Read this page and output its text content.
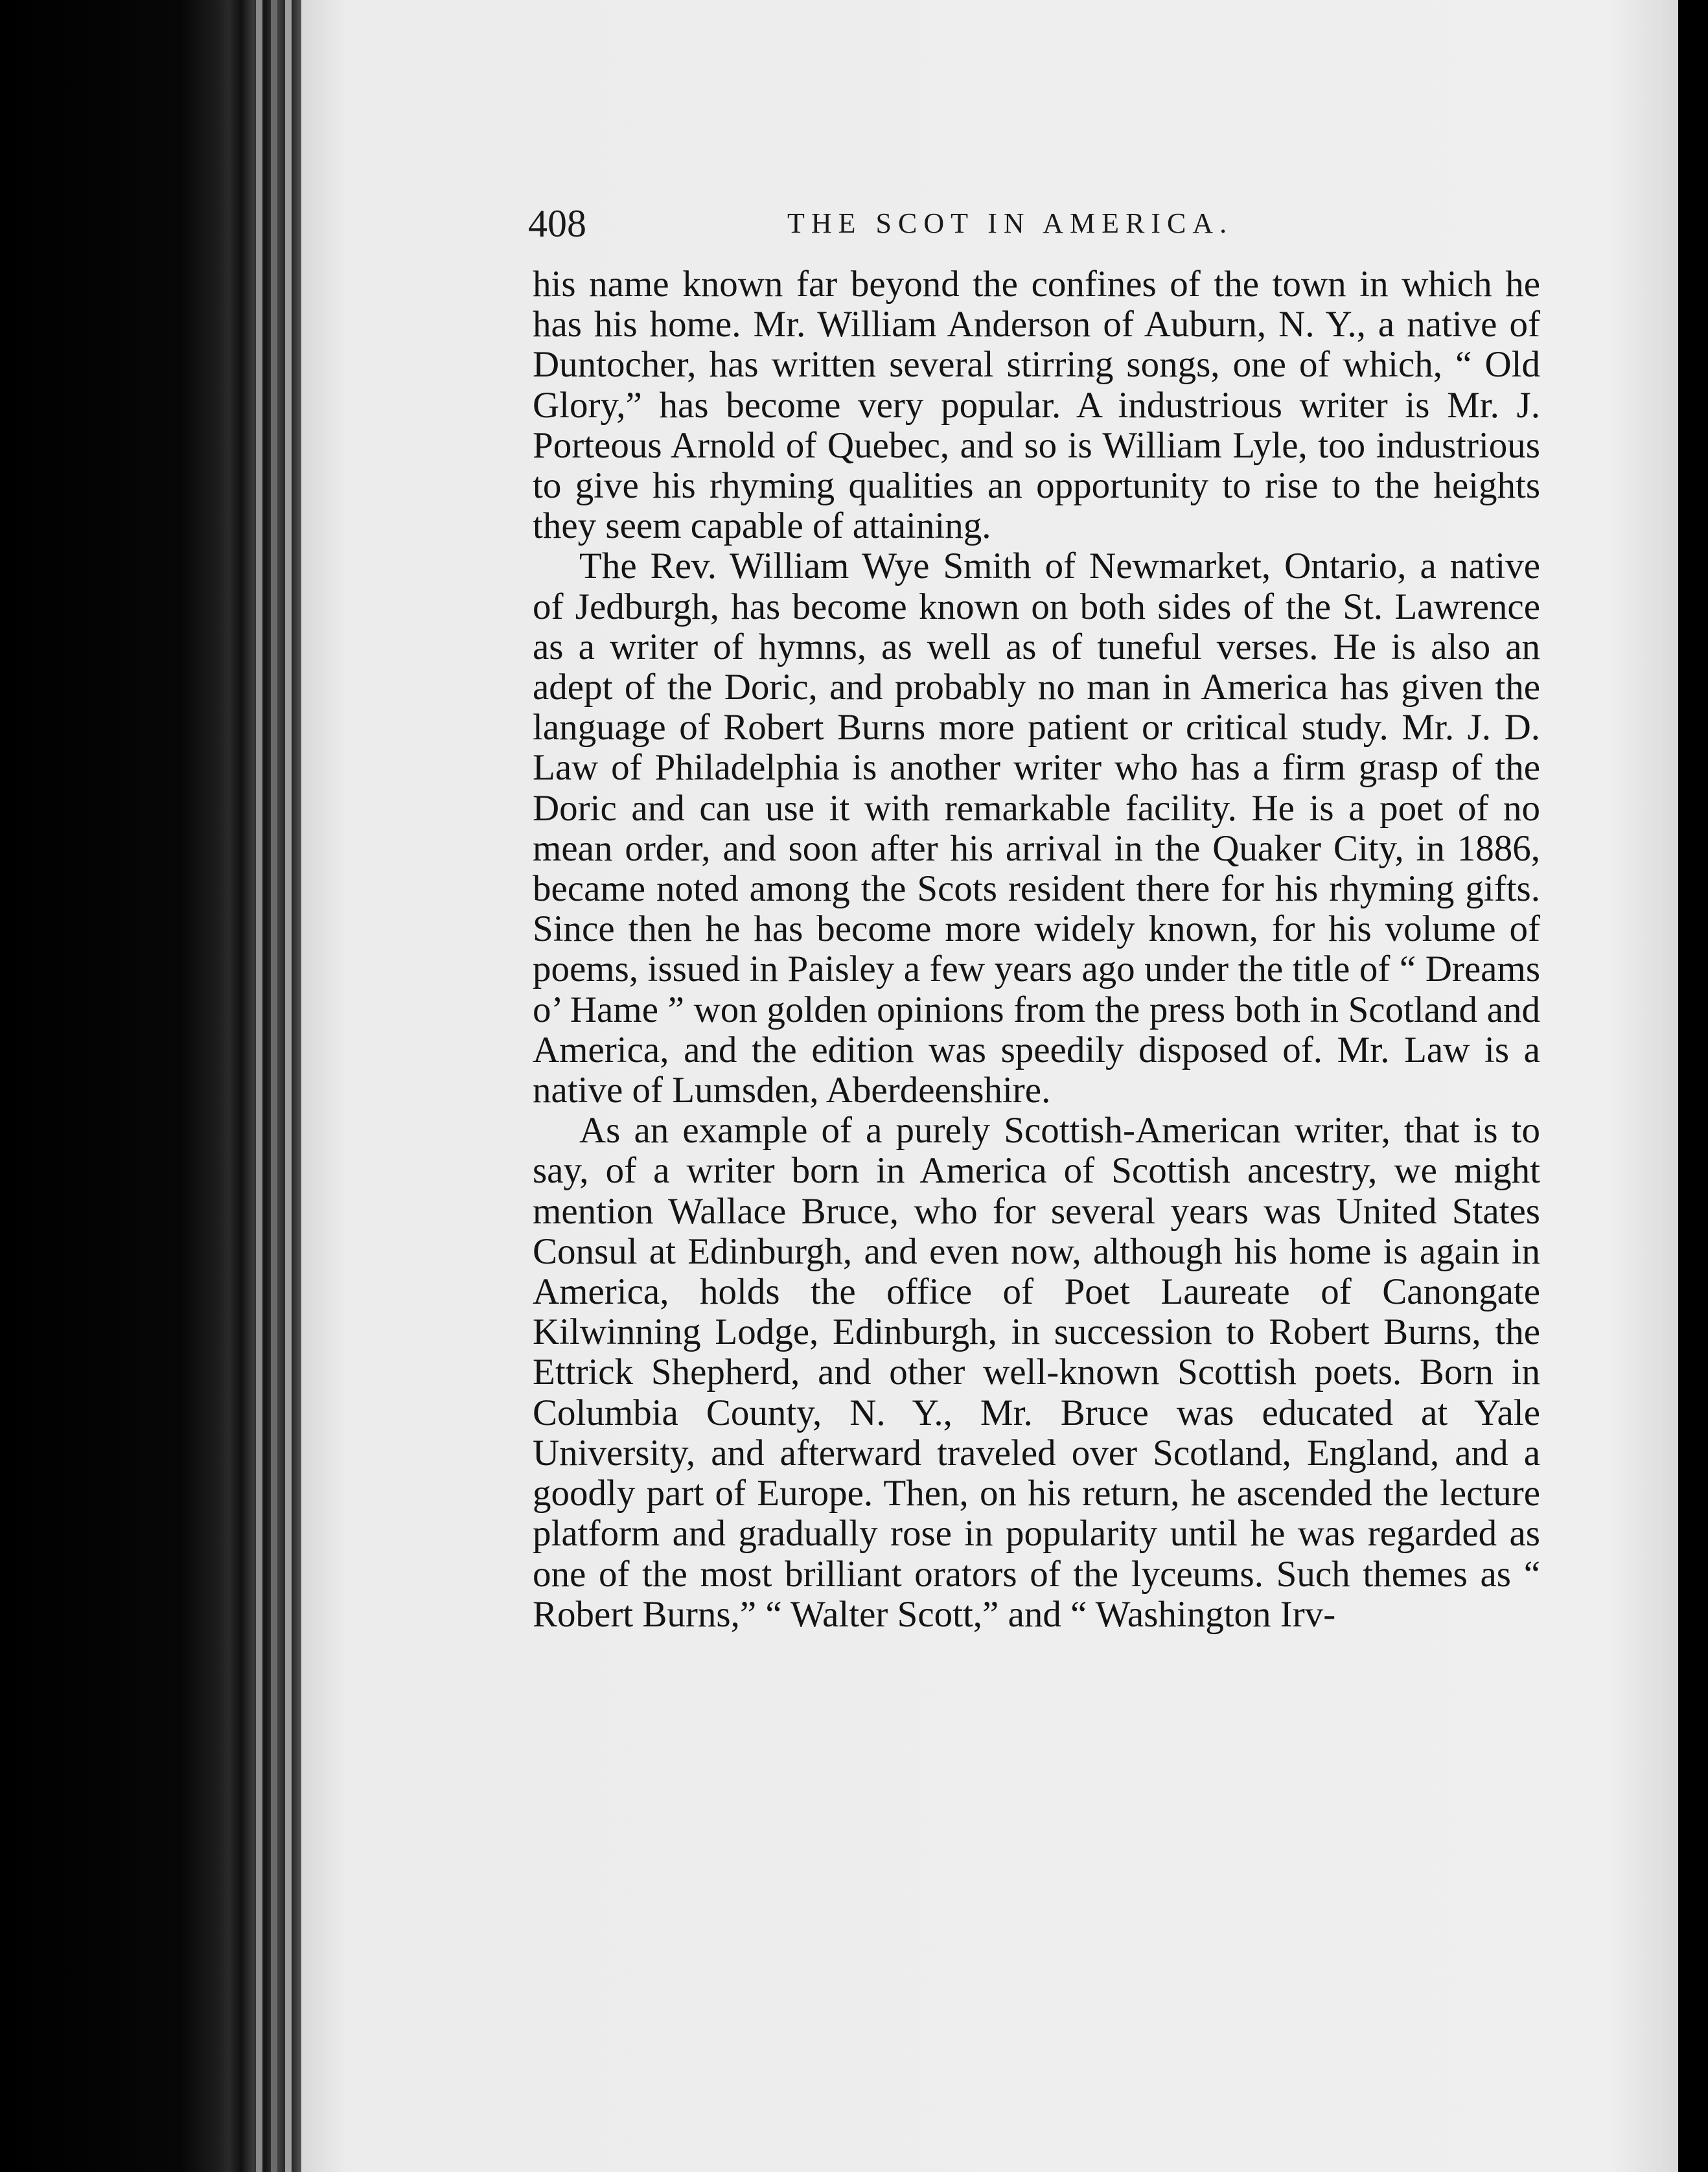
408	THE SCOT IN AMERICA.

his name known far beyond the confines of the town in which he has his home. Mr. William Anderson of Auburn, N. Y., a native of Duntocher, has written several stirring songs, one of which, “ Old Glory,” has become very popular. A industrious writer is Mr. J. Porteous Arnold of Quebec, and so is William Lyle, too industrious to give his rhyming qualities an opportunity to rise to the heights they seem capable of attaining.

The Rev. William Wye Smith of Newmarket, Ontario, a native of Jedburgh, has become known on both sides of the St. Lawrence as a writer of hymns, as well as of tuneful verses. He is also an adept of the Doric, and probably no man in America has given the language of Robert Burns more patient or critical study. Mr. J. D. Law of Philadelphia is another writer who has a firm grasp of the Doric and can use it with remarkable facility. He is a poet of no mean order, and soon after his arrival in the Quaker City, in 1886, became noted among the Scots resident there for his rhyming gifts. Since then he has become more widely known, for his volume of poems, issued in Paisley a few years ago under the title of “ Dreams o’ Hame ” won golden opinions from the press both in Scotland and America, and the edition was speedily disposed of. Mr. Law is a native of Lumsden, Aberdeenshire.

As an example of a purely Scottish-American writer, that is to say, of a writer born in America of Scottish ancestry, we might mention Wallace Bruce, who for several years was United States Consul at Edinburgh, and even now, although his home is again in America, holds the office of Poet Laureate of Canongate Kilwinning Lodge, Edinburgh, in succession to Robert Burns, the Ettrick Shepherd, and other well-known Scottish poets. Born in Columbia County, N. Y., Mr. Bruce was educated at Yale University, and afterward traveled over Scotland, England, and a goodly part of Europe. Then, on his return, he ascended the lecture platform and gradually rose in popularity until he was regarded as one of the most brilliant orators of the lyceums. Such themes as “ Robert Burns,” “ Walter Scott,” and “ Washington Irv-
